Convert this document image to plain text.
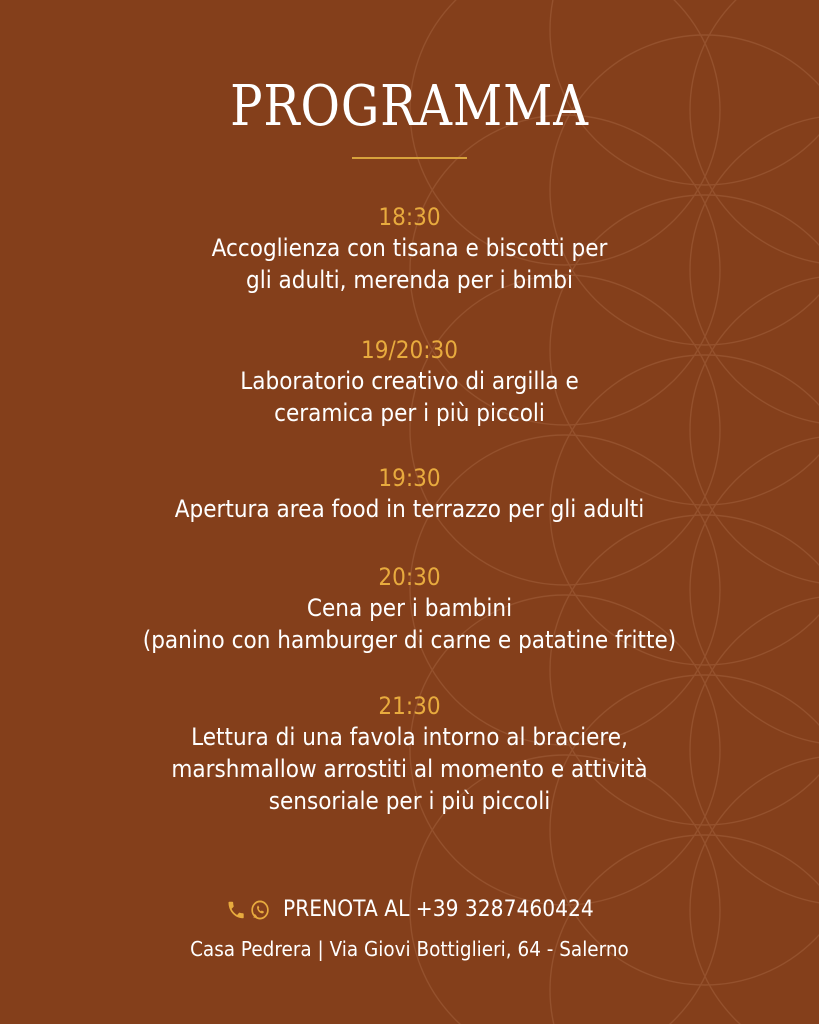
PROGRAMMA
18:30
Accoglienza con tisana e biscotti per
gli adulti, merenda per i bimbi
19/20:30
Laboratorio creativo di argilla e
ceramica per i più piccoli
19:30
Apertura area food in terrazzo per gli adulti
20:30
Cena per i bambini
(panino con hamburger di carne e patatine fritte)
21:30
Lettura di una favola intorno al braciere,
marshmallow arrostiti al momento e attività
sensoriale per i più piccoli
PRENOTA AL +39 3287460424
Casa Pedrera | Via Giovi Bottiglieri, 64 - Salerno
